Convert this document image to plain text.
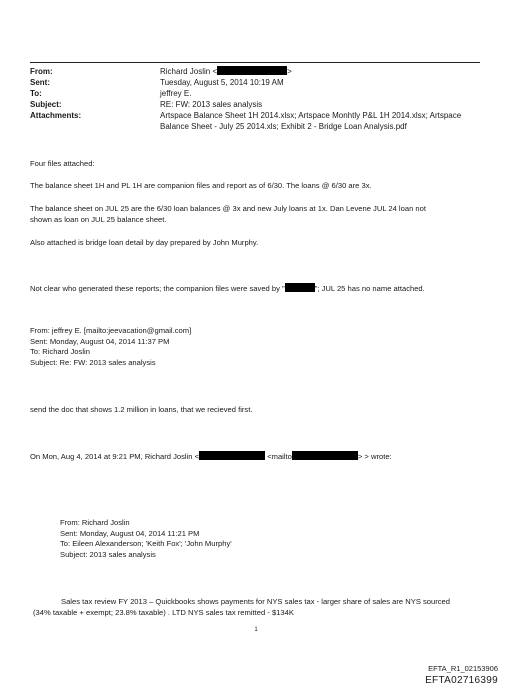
From:	Richard Joslin <	>
Sent:	Tuesday, August 5, 2014 10:19 AM
To:	jeffrey E.
Subject:	RE: FW: 2013 sales analysis
Attachments:	Artspace Balance Sheet 1H 2014.xlsx; Artspace Monhtly P&L 1H 2014.xlsx; Artspace
Balance Sheet - July 25 2014.xls; Exhibit 2 - Bridge Loan Analysis.pdf

Four files attached:

The balance sheet 1H and PL 1H are companion files and report as of 6/30. The loans @ 6/30 are 3x.

The balance sheet on JUL 25 are the 6/30 loan balances @ 3x and new July loans at 1x. Dan Levene JUL 24 loan not
shown as loan on JUL 25 balance sheet.

Also attached is bridge loan detail by day prepared by John Murphy.

Not clear who generated these reports; the companion files were saved by "	"; JUL 25 has no name attached.

From: jeffrey E. [mailto:jeevacation@gmail.com]
Sent: Monday, August 04, 2014 11:37 PM
To: Richard Joslin
Subject: Re: FW: 2013 sales analysis

send the doc that shows 1.2 million in loans, that we recieved first.

On Mon, Aug 4, 2014 at 9:21 PM, Richard Joslin <	<mailto	> > wrote:

From: Richard Joslin
Sent: Monday, August 04, 2014 11:21 PM
To: Eileen Alexanderson; 'Keith Fox'; 'John Murphy'
Subject: 2013 sales analysis

Sales tax review FY 2013 – Quickbooks shows payments for NYS sales tax - larger share of sales are NYS sourced
(34% taxable + exempt; 23.8% taxable) . LTD NYS sales tax remitted - $134K

1
EFTA_R1_02153906
EFTA02716399
